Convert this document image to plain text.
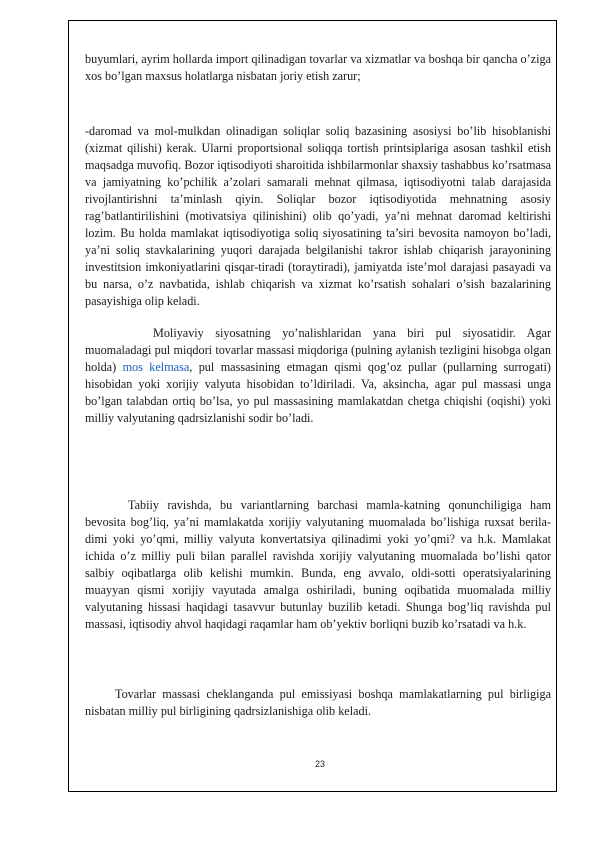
buyumlari, ayrim hollarda import qilinadigan tovarlar va xizmatlar va boshqa bir qancha o’ziga xos bo’lgan maxsus holatlarga nisbatan joriy etish zarur;

-daromad va mol-mulkdan olinadigan soliqlar soliq bazasining asosiysi bo’lib hisoblanishi (xizmat qilishi) kerak. Ularni proportsional soliqqa tortish printsiplariga asosan tashkil etish maqsadga muvofiq. Bozor iqtisodiyoti sharoitida ishbilarmonlar shaxsiy tashabbus ko’rsatmasa va jamiyatning ko’pchilik a’zolari samarali mehnat qilmasa, iqtisodiyotni talab darajasida rivojlantirishni ta’minlash qiyin. Soliqlar bozor iqtisodiyotida mehnatning asosiy rag’batlantirilishini (motivatsiya qilinishini) olib qo’yadi, ya’ni mehnat daromad keltirishi lozim. Bu holda mamlakat iqtisodiyotiga soliq siyosatining ta’siri bevosita namoyon bo’ladi, ya’ni soliq stavkalarining yuqori darajada belgilanishi takror ishlab chiqarish jarayonining investitsion imkoniyatlarini qisqar-tiradi (toraytiradi), jamiyatda iste’mol darajasi pasayadi va bu narsa, o’z navbatida, ishlab chiqarish va xizmat ko’rsatish sohalari o’sish bazalarining pasayishiga olip keladi.

Moliyaviy siyosatning yo’nalishlaridan yana biri pul siyosatidir. Agar muomaladagi pul miqdori tovarlar massasi miqdoriga (pulning aylanish tezligini hisobga olgan holda) mos kelmasa, pul massasining etmagan qismi qog’oz pullar (pullarning surrogati) hisobidan yoki xorijiy valyuta hisobidan to’ldiriladi. Va, aksincha, agar pul massasi unga bo’lgan talabdan ortiq bo’lsa, yo pul massasining mamlakatdan chetga chiqishi (oqishi) yoki milliy valyutaning qadrsizlanishi sodir bo’ladi.

Tabiiy ravishda, bu variantlarning barchasi mamla-katning qonunchiligiga ham bevosita bog’liq, ya’ni mamlakatda xorijiy valyutaning muomalada bo’lishiga ruxsat berila-dimi yoki yo’qmi, milliy valyuta konvertatsiya qilinadimi yoki yo’qmi? va h.k. Mamlakat ichida o’z milliy puli bilan parallel ravishda xorijiy valyutaning muomalada bo’lishi qator salbiy oqibatlarga olib kelishi mumkin. Bunda, eng avvalo, oldi-sotti operatsiyalarining muayyan qismi xorijiy vayutada amalga oshiriladi, buning oqibatida muomalada milliy valyutaning hissasi haqidagi tasavvur butunlay buzilib ketadi. Shunga bog’liq ravishda pul massasi, iqtisodiy ahvol haqidagi raqamlar ham ob’yektiv borliqni buzib ko’rsatadi va h.k.

Tovarlar massasi cheklanganda pul emissiyasi boshqa mamlakatlarning pul birligiga nisbatan milliy pul birligining qadrsizlanishiga olib keladi.

23
